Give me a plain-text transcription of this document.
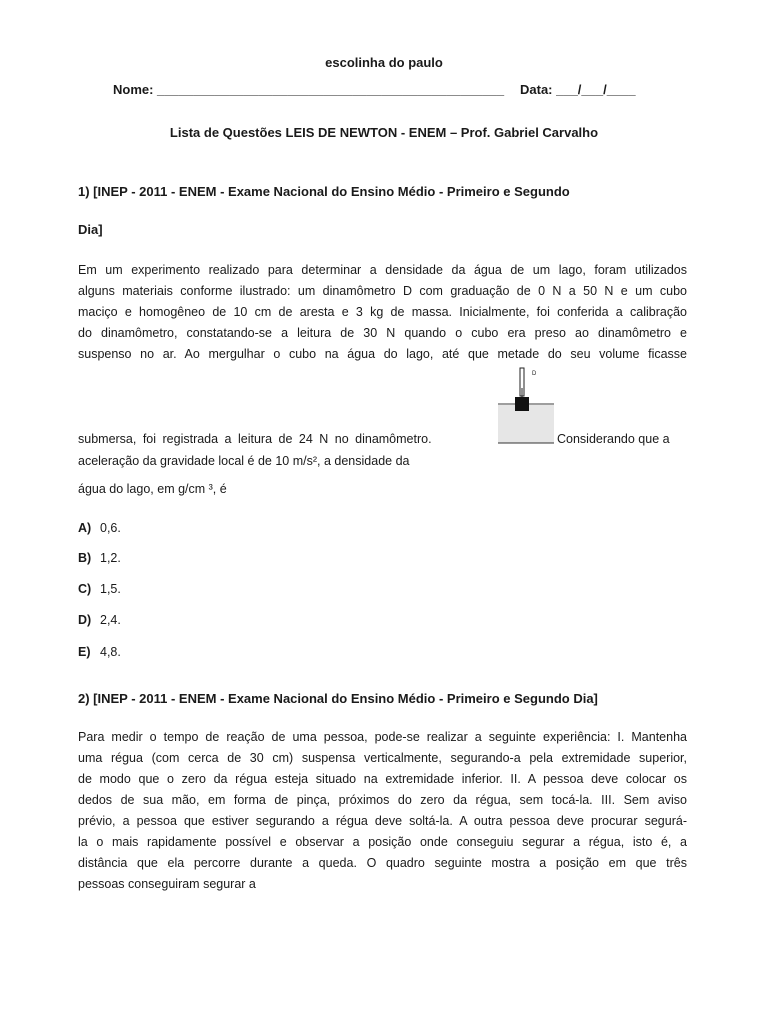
escolinha do paulo
Nome: ________________________________________________ Data: ___/___/____
Lista de Questões LEIS DE NEWTON - ENEM – Prof. Gabriel Carvalho
1) [INEP - 2011 - ENEM - Exame Nacional do Ensino Médio - Primeiro e Segundo
Dia]
Em um experimento realizado para determinar a densidade da água de um lago, foram utilizados
alguns materiais conforme ilustrado: um dinamômetro D com graduação de 0 N a 50 N e um cubo
maciço e homogêneo de 10 cm de aresta e 3 kg de massa. Inicialmente, foi conferida a calibração
do dinamômetro, constatando-se a leitura de 30 N quando o cubo era preso ao dinamômetro e
suspenso no ar. Ao mergulhar o cubo na água do lago, até que metade do seu volume ficasse
D
submersa, foi registrada a leitura de 24 N no dinamômetro.	Considerando que a
aceleração da gravidade local é de 10 m/s², a densidade da
água do lago, em g/cm ³, é
A) 0,6.
B) 1,2.
C) 1,5.
D) 2,4.
E) 4,8.
2) [INEP - 2011 - ENEM - Exame Nacional do Ensino Médio - Primeiro e Segundo Dia]
Para medir o tempo de reação de uma pessoa, pode-se realizar a seguinte experiência: I. Mantenha
uma régua (com cerca de 30 cm) suspensa verticalmente, segurando-a pela extremidade superior,
de modo que o zero da régua esteja situado na extremidade inferior. II. A pessoa deve colocar os
dedos de sua mão, em forma de pinça, próximos do zero da régua, sem tocá-la. III. Sem aviso
prévio, a pessoa que estiver segurando a régua deve soltá-la. A outra pessoa deve procurar segurá-
la o mais rapidamente possível e observar a posição onde conseguiu segurar a régua, isto é, a
distância que ela percorre durante a queda. O quadro seguinte mostra a posição em que três
pessoas conseguiram segurar a
